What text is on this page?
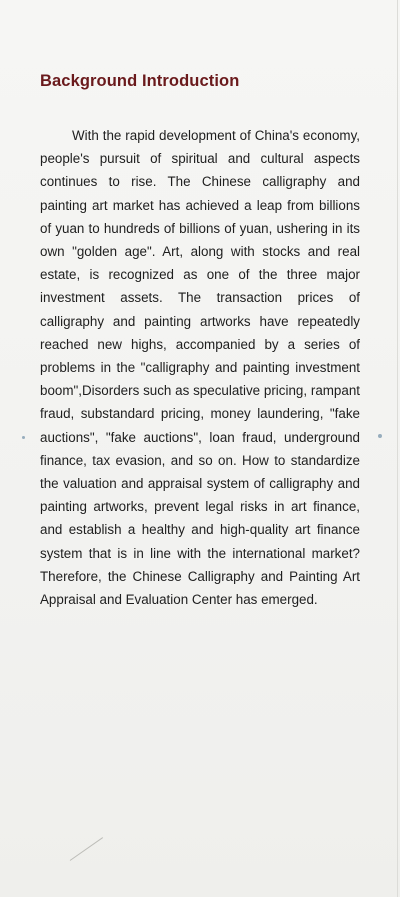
Background Introduction

With the rapid development of China's economy, people's pursuit of spiritual and cultural aspects continues to rise. The Chinese calligraphy and painting art market has achieved a leap from billions of yuan to hundreds of billions of yuan, ushering in its own "golden age". Art, along with stocks and real estate, is recognized as one of the three major investment assets. The transaction prices of calligraphy and painting artworks have repeatedly reached new highs, accompanied by a series of problems in the "calligraphy and painting investment boom",Disorders such as speculative pricing, rampant fraud, substandard pricing, money laundering, "fake auctions", "fake auctions", loan fraud, underground finance, tax evasion, and so on. How to standardize the valuation and appraisal system of calligraphy and painting artworks, prevent legal risks in art finance, and establish a healthy and high-quality art finance system that is in line with the international market? Therefore, the Chinese Calligraphy and Painting Art Appraisal and Evaluation Center has emerged.
